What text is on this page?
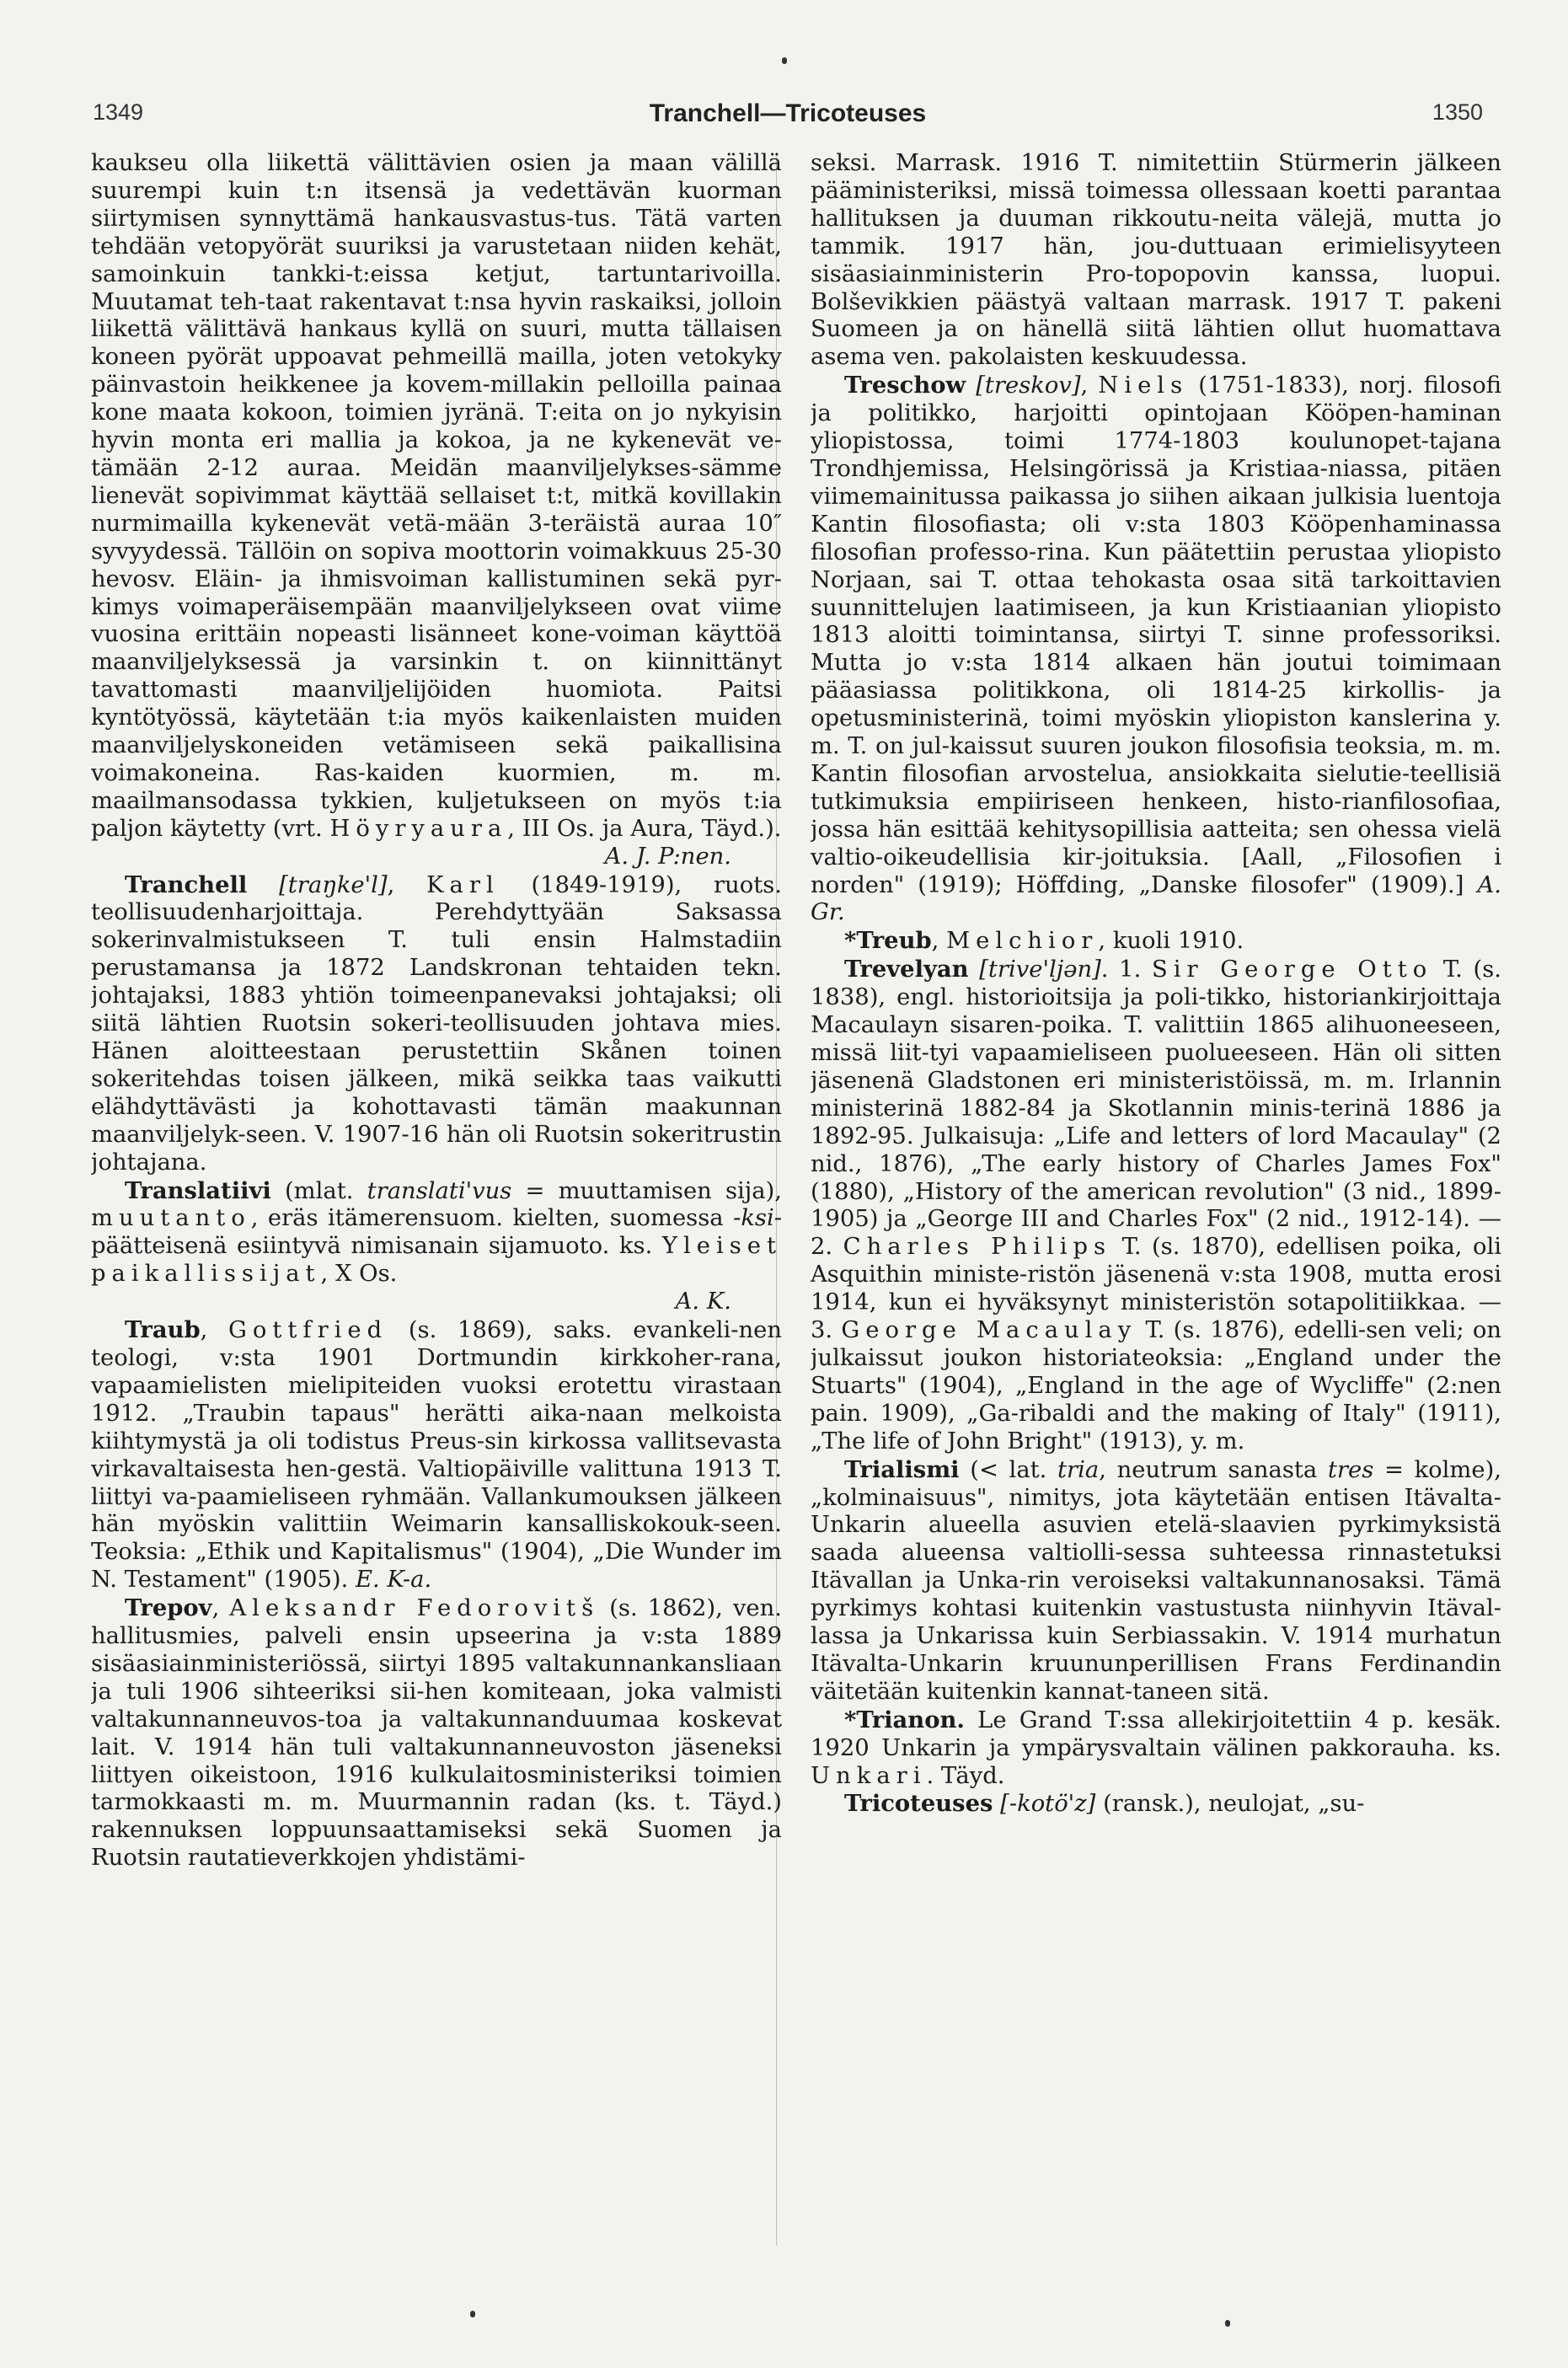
1349	Tranchell—Tricoteuses	1350

kaukseu olla liikettä välittävien osien ja maan välillä suurempi kuin t:n itsensä ja vedettävän kuorman siirtymisen synnyttämä hankausvastus-tus. Tätä varten tehdään vetopyörät suuriksi ja varustetaan niiden kehät, samoinkuin tankki-t:eissa ketjut, tartuntarivoilla. Muutamat teh-taat rakentavat t:nsa hyvin raskaiksi, jolloin liikettä välittävä hankaus kyllä on suuri, mutta tällaisen koneen pyörät uppoavat pehmeillä mailla, joten vetokyky päinvastoin heikkenee ja kovem-millakin pelloilla painaa kone maata kokoon, toimien jyränä. T:eita on jo nykyisin hyvin monta eri mallia ja kokoa, ja ne kykenevät ve-tämään 2-12 auraa. Meidän maanviljelykses-sämme lienevät sopivimmat käyttää sellaiset t:t, mitkä kovillakin nurmimailla kykenevät vetä-mään 3-teräistä auraa 10″ syvyydessä. Tällöin on sopiva moottorin voimakkuus 25-30 hevosv. Eläin- ja ihmisvoiman kallistuminen sekä pyr-kimys voimaperäisempään maanviljelykseen ovat viime vuosina erittäin nopeasti lisänneet kone-voiman käyttöä maanviljelyksessä ja varsinkin t. on kiinnittänyt tavattomasti maanviljelijöiden huomiota. Paitsi kyntötyössä, käytetään t:ia myös kaikenlaisten muiden maanviljelyskoneiden vetämiseen sekä paikallisina voimakoneina. Ras-kaiden kuormien, m. m. maailmansodassa tykkien, kuljetukseen on myös t:ia paljon käytetty (vrt. Höyryaura, III Os. ja Aura, Täyd.).
A. J. P:nen.

Tranchell [traŋke'l], Karl (1849-1919), ruots. teollisuudenharjoittaja. Perehdyttyään Saksassa sokerinvalmistukseen T. tuli ensin Halmstadiin perustamansa ja 1872 Landskronan tehtaiden tekn. johtajaksi, 1883 yhtiön toimeenpanevaksi johtajaksi; oli siitä lähtien Ruotsin sokeri-teollisuuden johtava mies. Hänen aloitteestaan perustettiin Skånen toinen sokeritehdas toisen jälkeen, mikä seikka taas vaikutti elähdyttävästi ja kohottavasti tämän maakunnan maanviljelyk-seen. V. 1907-16 hän oli Ruotsin sokeritrustin johtajana.

Translatiivi (mlat. translati'vus = muuttamisen sija), muutanto, eräs itämerensuom. kielten, suomessa -ksi- päätteisenä esiintyvä nimisanain sijamuoto. ks. Yleiset paikallissijat, X Os.
A. K.

Traub, Gottfried (s. 1869), saks. evankeli-nen teologi, v:sta 1901 Dortmundin kirkkoher-rana, vapaamielisten mielipiteiden vuoksi erotettu virastaan 1912. „Traubin tapaus" herätti aika-naan melkoista kiihtymystä ja oli todistus Preus-sin kirkossa vallitsevasta virkavaltaisesta hen-gestä. Valtiopäiville valittuna 1913 T. liittyi va-paamieliseen ryhmään. Vallankumouksen jälkeen hän myöskin valittiin Weimarin kansalliskokouk-seen. Teoksia: „Ethik und Kapitalismus" (1904), „Die Wunder im N. Testament" (1905). E. K-a.

Trepov, Aleksandr Fedorovitš (s. 1862), ven. hallitusmies, palveli ensin upseerina ja v:sta 1889 sisäasiainministeriössä, siirtyi 1895 valtakunnankansliaan ja tuli 1906 sihteeriksi sii-hen komiteaan, joka valmisti valtakunnanneuvos-toa ja valtakunnanduumaa koskevat lait. V. 1914 hän tuli valtakunnanneuvoston jäseneksi liittyen oikeistoon, 1916 kulkulaitosministeriksi toimien tarmokkaasti m. m. Muurmannin radan (ks. t. Täyd.) rakennuksen loppuunsaattamiseksi sekä Suomen ja Ruotsin rautatieverkkojen yhdistämi-

seksi. Marrask. 1916 T. nimitettiin Stürmerin jälkeen pääministeriksi, missä toimessa ollessaan koetti parantaa hallituksen ja duuman rikkoutu-neita välejä, mutta jo tammik. 1917 hän, jou-duttuaan erimielisyyteen sisäasiainministerin Pro-topopovin kanssa, luopui. Bolševikkien päästyä valtaan marrask. 1917 T. pakeni Suomeen ja on hänellä siitä lähtien ollut huomattava asema ven. pakolaisten keskuudessa.

Treschow [treskov], Niels (1751-1833), norj. filosofi ja politikko, harjoitti opintojaan Kööpen-haminan yliopistossa, toimi 1774-1803 koulunopet-tajana Trondhjemissa, Helsingörissä ja Kristiaa-niassa, pitäen viimemainitussa paikassa jo siihen aikaan julkisia luentoja Kantin filosofiasta; oli v:sta 1803 Kööpenhaminassa filosofian professo-rina. Kun päätettiin perustaa yliopisto Norjaan, sai T. ottaa tehokasta osaa sitä tarkoittavien suunnittelujen laatimiseen, ja kun Kristiaanian yliopisto 1813 aloitti toimintansa, siirtyi T. sinne professoriksi. Mutta jo v:sta 1814 alkaen hän joutui toimimaan pääasiassa politikkona, oli 1814-25 kirkollis- ja opetusministerinä, toimi myöskin yliopiston kanslerina y. m. T. on jul-kaissut suuren joukon filosofisia teoksia, m. m. Kantin filosofian arvostelua, ansiokkaita sielutie-teellisiä tutkimuksia empiiriseen henkeen, histo-rianfilosofiaa, jossa hän esittää kehitysopillisia aatteita; sen ohessa vielä valtio-oikeudellisia kir-joituksia. [Aall, „Filosofien i norden" (1919); Höffding, „Danske filosofer" (1909).] A. Gr.

*Treub, Melchior, kuoli 1910.

Trevelyan [trive'ljən]. 1. Sir George Otto T. (s. 1838), engl. historioitsija ja poli-tikko, historiankirjoittaja Macaulayn sisaren-poika. T. valittiin 1865 alihuoneeseen, missä liit-tyi vapaamieliseen puolueeseen. Hän oli sitten jäsenenä Gladstonen eri ministeristöissä, m. m. Irlannin ministerinä 1882-84 ja Skotlannin minis-terinä 1886 ja 1892-95. Julkaisuja: „Life and letters of lord Macaulay" (2 nid., 1876), „The early history of Charles James Fox" (1880), „History of the american revolution" (3 nid., 1899-1905) ja „George III and Charles Fox" (2 nid., 1912-14). — 2. Charles Philips T. (s. 1870), edellisen poika, oli Asquithin ministe-ristön jäsenenä v:sta 1908, mutta erosi 1914, kun ei hyväksynyt ministeristön sotapolitiikkaa. — 3. George Macaulay T. (s. 1876), edelli-sen veli; on julkaissut joukon historiateoksia: „England under the Stuarts" (1904), „England in the age of Wycliffe" (2:nen pain. 1909), „Ga-ribaldi and the making of Italy" (1911), „The life of John Bright" (1913), y. m.

Trialismi (< lat. tria, neutrum sanasta tres = kolme), „kolminaisuus", nimitys, jota käytetään entisen Itävalta-Unkarin alueella asuvien etelä-slaavien pyrkimyksistä saada alueensa valtiolli-sessa suhteessa rinnastetuksi Itävallan ja Unka-rin veroiseksi valtakunnanosaksi. Tämä pyrkimys kohtasi kuitenkin vastustusta niinhyvin Itäval-lassa ja Unkarissa kuin Serbiassakin. V. 1914 murhatun Itävalta-Unkarin kruununperillisen Frans Ferdinandin väitetään kuitenkin kannat-taneen sitä.

*Trianon. Le Grand T:ssa allekirjoitettiin 4 p. kesäk. 1920 Unkarin ja ympärysvaltain välinen pakkorauha. ks. Unkari. Täyd.

Tricoteuses [-kotö'z] (ransk.), neulojat, „su-
